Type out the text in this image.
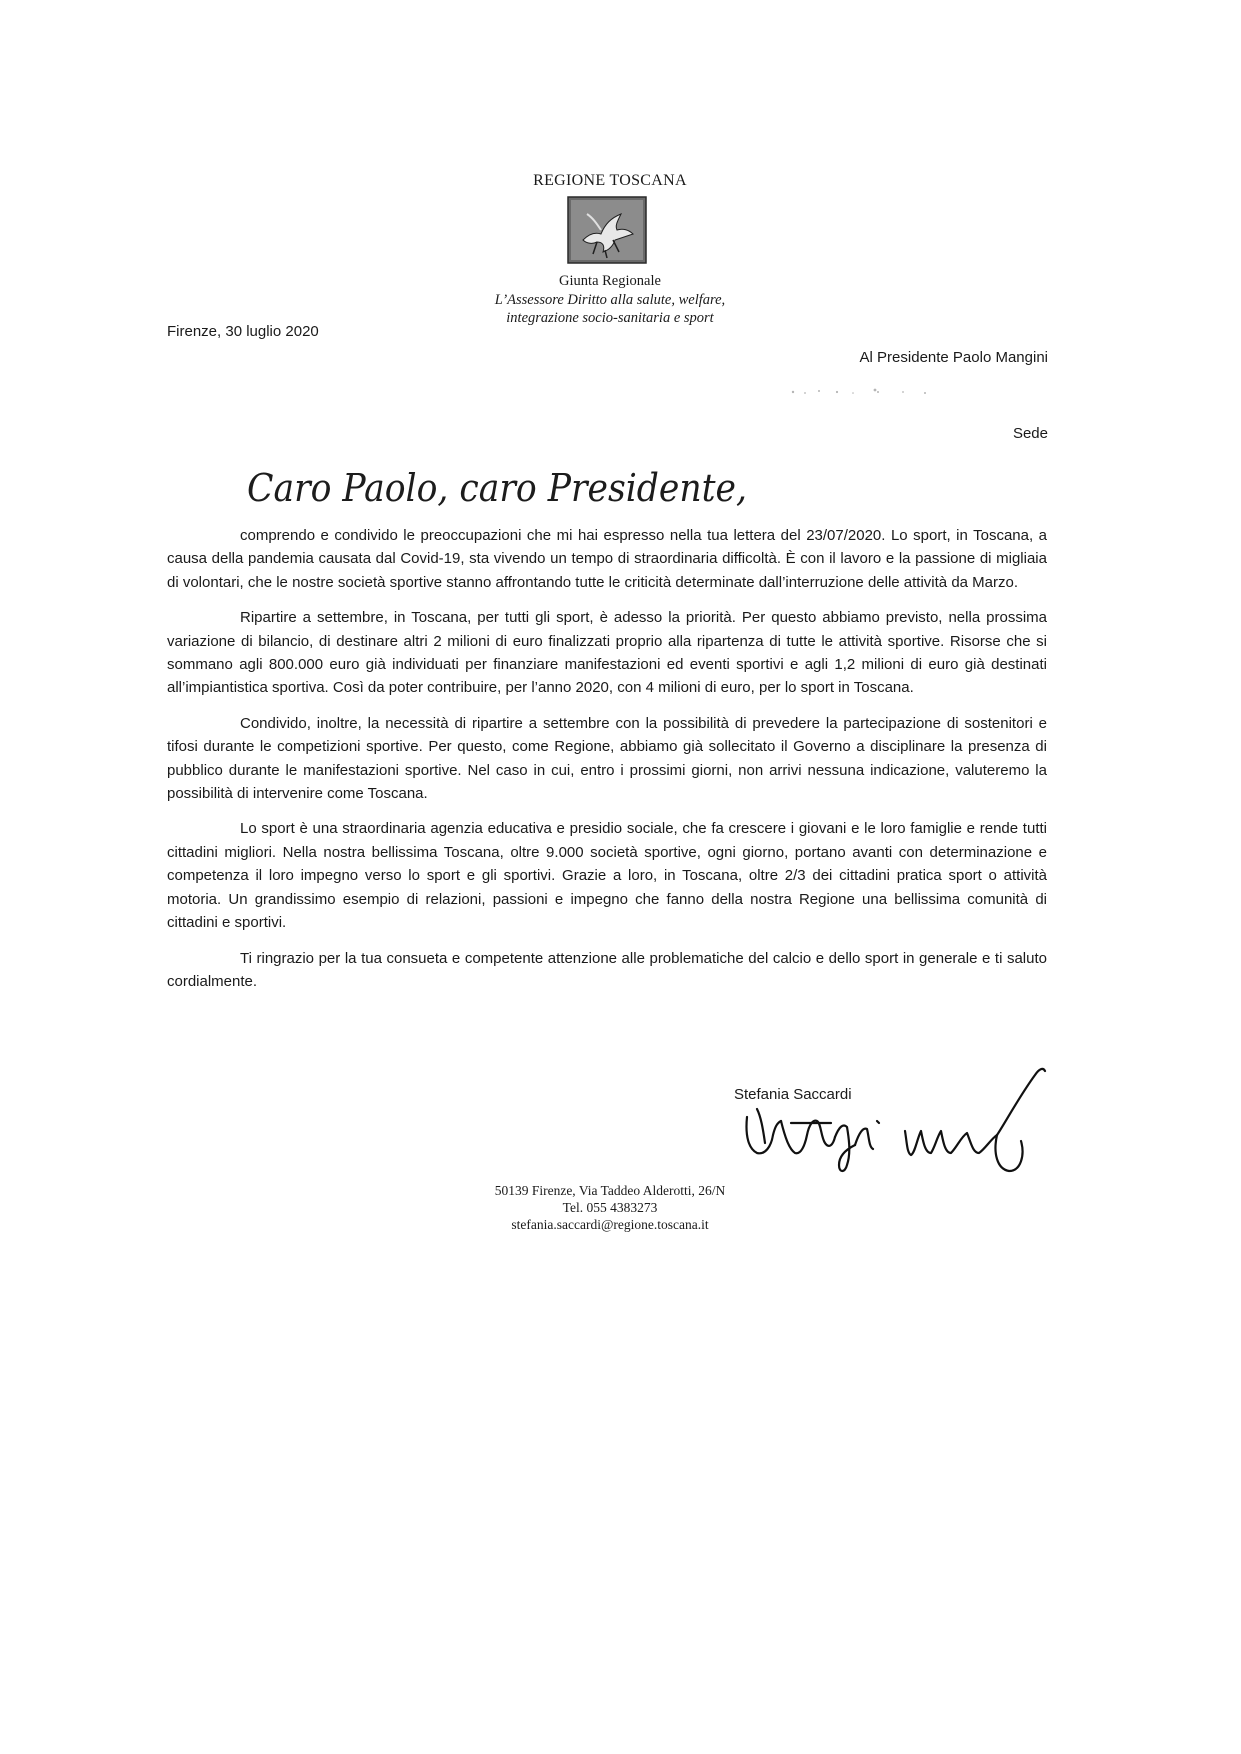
REGIONE TOSCANA
Giunta Regionale
L’Assessore Diritto alla salute, welfare,
integrazione socio-sanitaria e sport
Firenze, 30 luglio 2020
Al Presidente Paolo Mangini
Sede
Caro Paolo, caro Presidente,

comprendo e condivido le preoccupazioni che mi hai espresso nella tua lettera del 23/07/2020. Lo sport, in Toscana, a causa della pandemia causata dal Covid-19, sta vivendo un tempo di straordinaria difficoltà. È con il lavoro e la passione di migliaia di volontari, che le nostre società sportive stanno affrontando tutte le criticità determinate dall’interruzione delle attività da Marzo.

Ripartire a settembre, in Toscana, per tutti gli sport, è adesso la priorità. Per questo abbiamo previsto, nella prossima variazione di bilancio, di destinare altri 2 milioni di euro finalizzati proprio alla ripartenza di tutte le attività sportive. Risorse che si sommano agli 800.000 euro già individuati per finanziare manifestazioni ed eventi sportivi e agli 1,2 milioni di euro già destinati all’impiantistica sportiva. Così da poter contribuire, per l’anno 2020, con 4 milioni di euro, per lo sport in Toscana.

Condivido, inoltre, la necessità di ripartire a settembre con la possibilità di prevedere la partecipazione di sostenitori e tifosi durante le competizioni sportive. Per questo, come Regione, abbiamo già sollecitato il Governo a disciplinare la presenza di pubblico durante le manifestazioni sportive. Nel caso in cui, entro i prossimi giorni, non arrivi nessuna indicazione, valuteremo la possibilità di intervenire come Toscana.

Lo sport è una straordinaria agenzia educativa e presidio sociale, che fa crescere i giovani e le loro famiglie e rende tutti cittadini migliori. Nella nostra bellissima Toscana, oltre 9.000 società sportive, ogni giorno, portano avanti con determinazione e competenza il loro impegno verso lo sport e gli sportivi. Grazie a loro, in Toscana, oltre 2/3 dei cittadini pratica sport o attività motoria. Un grandissimo esempio di relazioni, passioni e impegno che fanno della nostra Regione una bellissima comunità di cittadini e sportivi.

Ti ringrazio per la tua consueta e competente attenzione alle problematiche del calcio e dello sport in generale e ti saluto cordialmente.

Stefania Saccardi
50139 Firenze, Via Taddeo Alderotti, 26/N
Tel. 055 4383273
stefania.saccardi@regione.toscana.it
